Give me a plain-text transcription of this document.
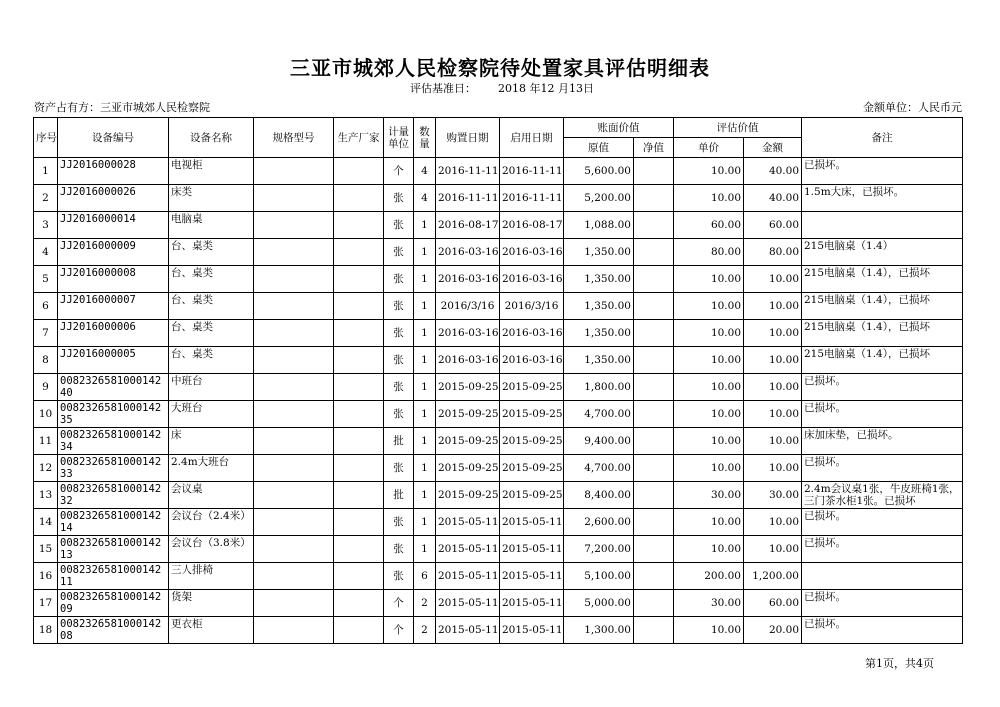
三亚市城郊人民检察院待处置家具评估明细表
评估基准日： 2018 年12 月13日
资产占有方：三亚市城郊人民检察院	金额单位：人民币元
序号	设备编号	设备名称	规格型号	生产厂家	计量单位	数量	购置日期	启用日期	账面价值		评估价值		备注
									原值	净值	单价	金额	
1	JJ2016000028	电视柜			个	4	2016-11-11	2016-11-11	5,600.00		10.00	40.00	已损坏。
2	JJ2016000026	床类			张	4	2016-11-11	2016-11-11	5,200.00		10.00	40.00	1.5m大床，已损坏。
3	JJ2016000014	电脑桌			张	1	2016-08-17	2016-08-17	1,088.00		60.00	60.00	
4	JJ2016000009	台、桌类			张	1	2016-03-16	2016-03-16	1,350.00		80.00	80.00	215电脑桌（1.4）
5	JJ2016000008	台、桌类			张	1	2016-03-16	2016-03-16	1,350.00		10.00	10.00	215电脑桌（1.4），已损坏
6	JJ2016000007	台、桌类			张	1	2016/3/16	2016/3/16	1,350.00		10.00	10.00	215电脑桌（1.4），已损坏
7	JJ2016000006	台、桌类			张	1	2016-03-16	2016-03-16	1,350.00		10.00	10.00	215电脑桌（1.4），已损坏
8	JJ2016000005	台、桌类			张	1	2016-03-16	2016-03-16	1,350.00		10.00	10.00	215电脑桌（1.4），已损坏
9	008232658100014240	中班台			张	1	2015-09-25	2015-09-25	1,800.00		10.00	10.00	已损坏。
10	008232658100014235	大班台			张	1	2015-09-25	2015-09-25	4,700.00		10.00	10.00	已损坏。
11	008232658100014234	床			批	1	2015-09-25	2015-09-25	9,400.00		10.00	10.00	床加床垫，已损坏。
12	008232658100014233	2.4m大班台			张	1	2015-09-25	2015-09-25	4,700.00		10.00	10.00	已损坏。
13	008232658100014232	会议桌			批	1	2015-09-25	2015-09-25	8,400.00		30.00	30.00	2.4m会议桌1张，牛皮班椅1张，三门茶水柜1张。已损坏
14	008232658100014214	会议台（2.4米）			张	1	2015-05-11	2015-05-11	2,600.00		10.00	10.00	已损坏。
15	008232658100014213	会议台（3.8米）			张	1	2015-05-11	2015-05-11	7,200.00		10.00	10.00	已损坏。
16	008232658100014211	三人排椅			张	6	2015-05-11	2015-05-11	5,100.00		200.00	1,200.00	
17	008232658100014209	货架			个	2	2015-05-11	2015-05-11	5,000.00		30.00	60.00	已损坏。
18	008232658100014208	更衣柜			个	2	2015-05-11	2015-05-11	1,300.00		10.00	20.00	已损坏。
第1页，共4页
